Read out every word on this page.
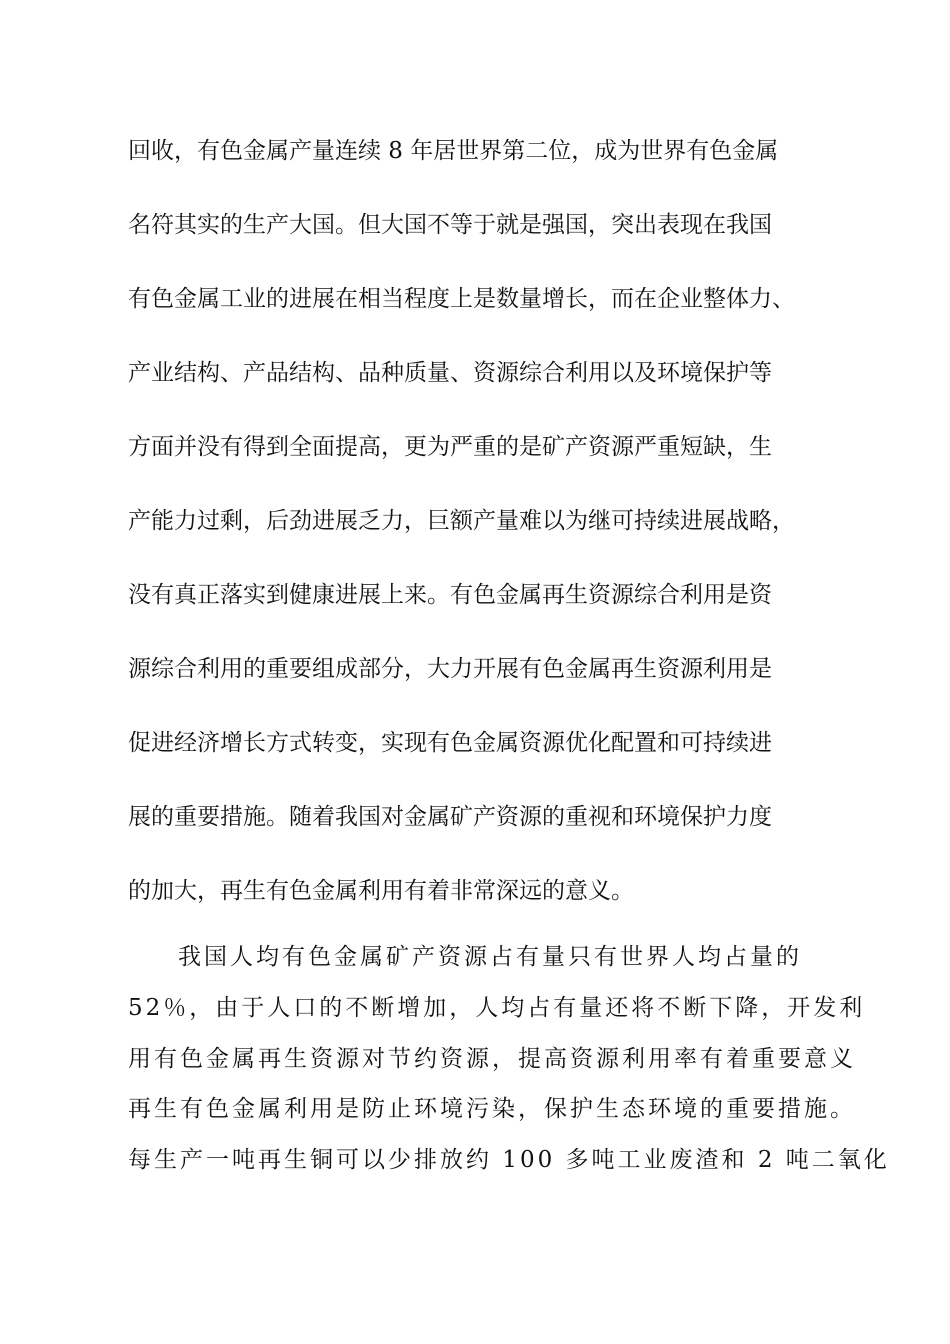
回收，有色金属产量连续 8 年居世界第二位，成为世界有色金属
名符其实的生产大国。但大国不等于就是强国，突出表现在我国
有色金属工业的进展在相当程度上是数量增长，而在企业整体力、
产业结构、产品结构、品种质量、资源综合利用以及环境保护等
方面并没有得到全面提高，更为严重的是矿产资源严重短缺，生
产能力过剩，后劲进展乏力，巨额产量难以为继可持续进展战略，
没有真正落实到健康进展上来。有色金属再生资源综合利用是资
源综合利用的重要组成部分，大力开展有色金属再生资源利用是
促进经济增长方式转变，实现有色金属资源优化配置和可持续进
展的重要措施。随着我国对金属矿产资源的重视和环境保护力度
的加大，再生有色金属利用有着非常深远的意义。
我国人均有色金属矿产资源占有量只有世界人均占量的
52％，由于人口的不断增加，人均占有量还将不断下降，开发利
用有色金属再生资源对节约资源，提高资源利用率有着重要意义
再生有色金属利用是防止环境污染，保护生态环境的重要措施。
每生产一吨再生铜可以少排放约 100 多吨工业废渣和 2 吨二氧化
